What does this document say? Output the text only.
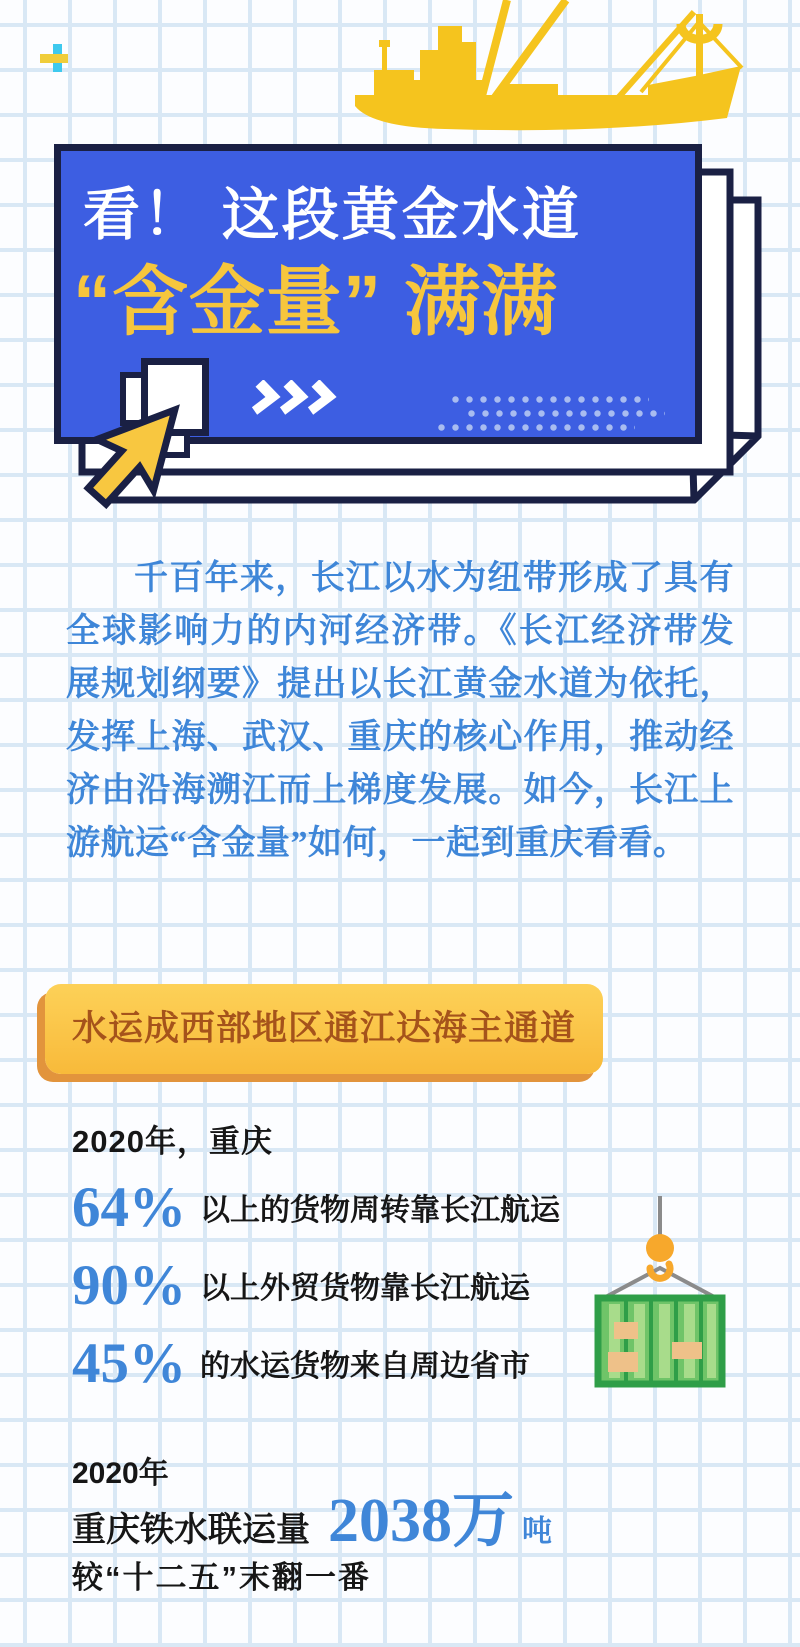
看！ 这段黄金水道
“含金量” 满满

千百年来，长江以水为纽带形成了具有全球影响力的内河经济带。《长江经济带发展规划纲要》提出以长江黄金水道为依托，发挥上海、武汉、重庆的核心作用，推动经济由沿海溯江而上梯度发展。如今，长江上游航运“含金量”如何，一起到重庆看看。

水运成西部地区通江达海主通道
2020年，重庆
64% 以上的货物周转靠长江航运
90% 以上外贸货物靠长江航运
45% 的水运货物来自周边省市
2020年
重庆铁水联运量 2038万 吨
较“十二五”末翻一番
